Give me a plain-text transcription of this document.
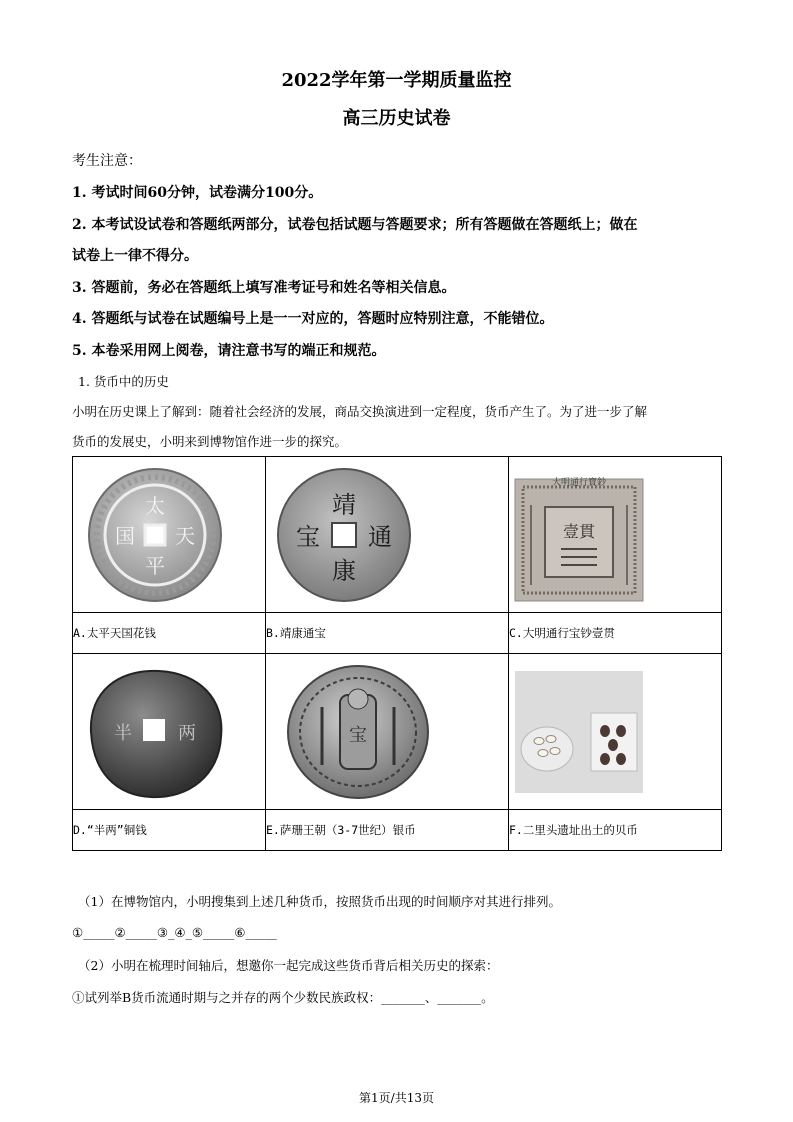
2022学年第一学期质量监控
高三历史试卷
考生注意：
1. 考试时间60分钟，试卷满分100分。
2. 本考试设试卷和答题纸两部分，试卷包括试题与答题要求；所有答题做在答题纸上；做在
试卷上一律不得分。
3. 答题前，务必在答题纸上填写准考证号和姓名等相关信息。
4. 答题纸与试卷在试题编号上是一一对应的，答题时应特别注意，不能错位。
5. 本卷采用网上阅卷，请注意书写的端正和规范。
1. 货币中的历史
小明在历史课上了解到：随着社会经济的发展，商品交换演进到一定程度，货币产生了。为了进一步了解
货币的发展史，小明来到博物馆作进一步的探究。
太
平
天
国	靖
康
通
宝	大明通行寶鈔
壹貫

A.太平天国花钱	B.靖康通宝	C.大明通行宝钞壹贯

半 两	宝

D.“半两”铜钱	E.萨珊王朝（3-7世纪）银币	F.二里头遗址出土的贝币
（1）在博物馆内，小明搜集到上述几种货币，按照货币出现的时间顺序对其进行排列。
①_____②_____③_④_⑤_____⑥_____
（2）小明在梳理时间轴后，想邀你一起完成这些货币背后相关历史的探索：
①试列举B货币流通时期与之并存的两个少数民族政权：_______、_______。
第1页/共13页
